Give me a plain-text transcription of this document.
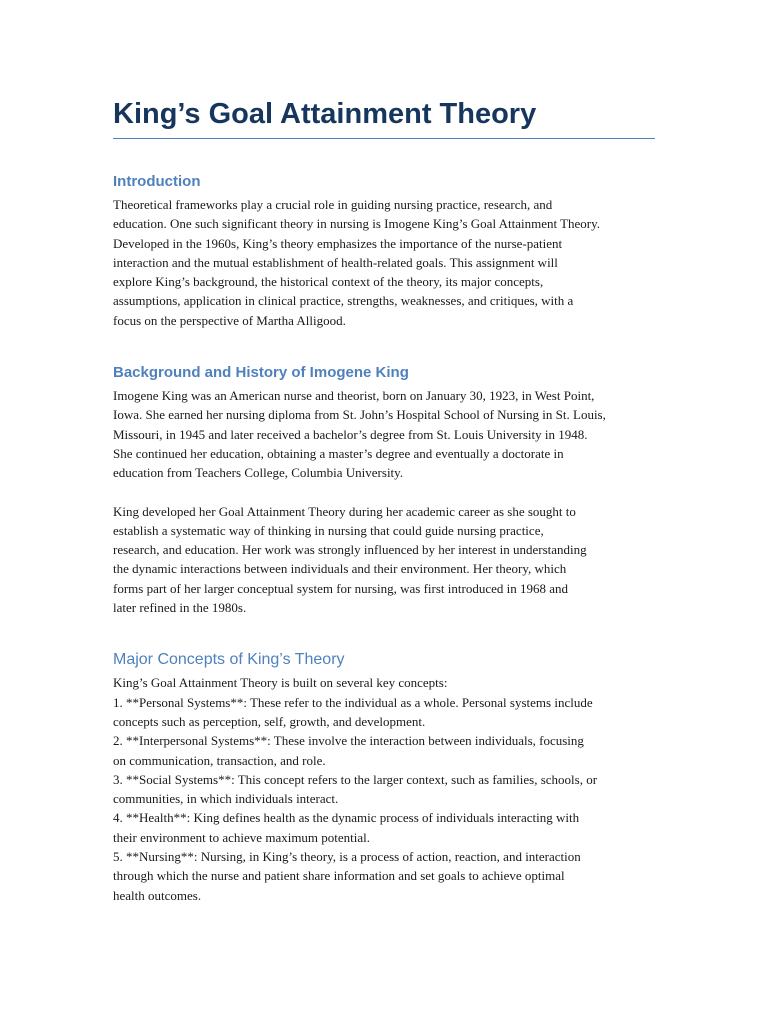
King’s Goal Attainment Theory
Introduction

Theoretical frameworks play a crucial role in guiding nursing practice, research, and
education. One such significant theory in nursing is Imogene King’s Goal Attainment Theory.
Developed in the 1960s, King’s theory emphasizes the importance of the nurse-patient
interaction and the mutual establishment of health-related goals. This assignment will
explore King’s background, the historical context of the theory, its major concepts,
assumptions, application in clinical practice, strengths, weaknesses, and critiques, with a
focus on the perspective of Martha Alligood.

Background and History of Imogene King

Imogene King was an American nurse and theorist, born on January 30, 1923, in West Point,
Iowa. She earned her nursing diploma from St. John’s Hospital School of Nursing in St. Louis,
Missouri, in 1945 and later received a bachelor’s degree from St. Louis University in 1948.
She continued her education, obtaining a master’s degree and eventually a doctorate in
education from Teachers College, Columbia University.

King developed her Goal Attainment Theory during her academic career as she sought to
establish a systematic way of thinking in nursing that could guide nursing practice,
research, and education. Her work was strongly influenced by her interest in understanding
the dynamic interactions between individuals and their environment. Her theory, which
forms part of her larger conceptual system for nursing, was first introduced in 1968 and
later refined in the 1980s.

Major Concepts of King’s Theory

King’s Goal Attainment Theory is built on several key concepts:
1. **Personal Systems**: These refer to the individual as a whole. Personal systems include
concepts such as perception, self, growth, and development.
2. **Interpersonal Systems**: These involve the interaction between individuals, focusing
on communication, transaction, and role.
3. **Social Systems**: This concept refers to the larger context, such as families, schools, or
communities, in which individuals interact.
4. **Health**: King defines health as the dynamic process of individuals interacting with
their environment to achieve maximum potential.
5. **Nursing**: Nursing, in King’s theory, is a process of action, reaction, and interaction
through which the nurse and patient share information and set goals to achieve optimal
health outcomes.
